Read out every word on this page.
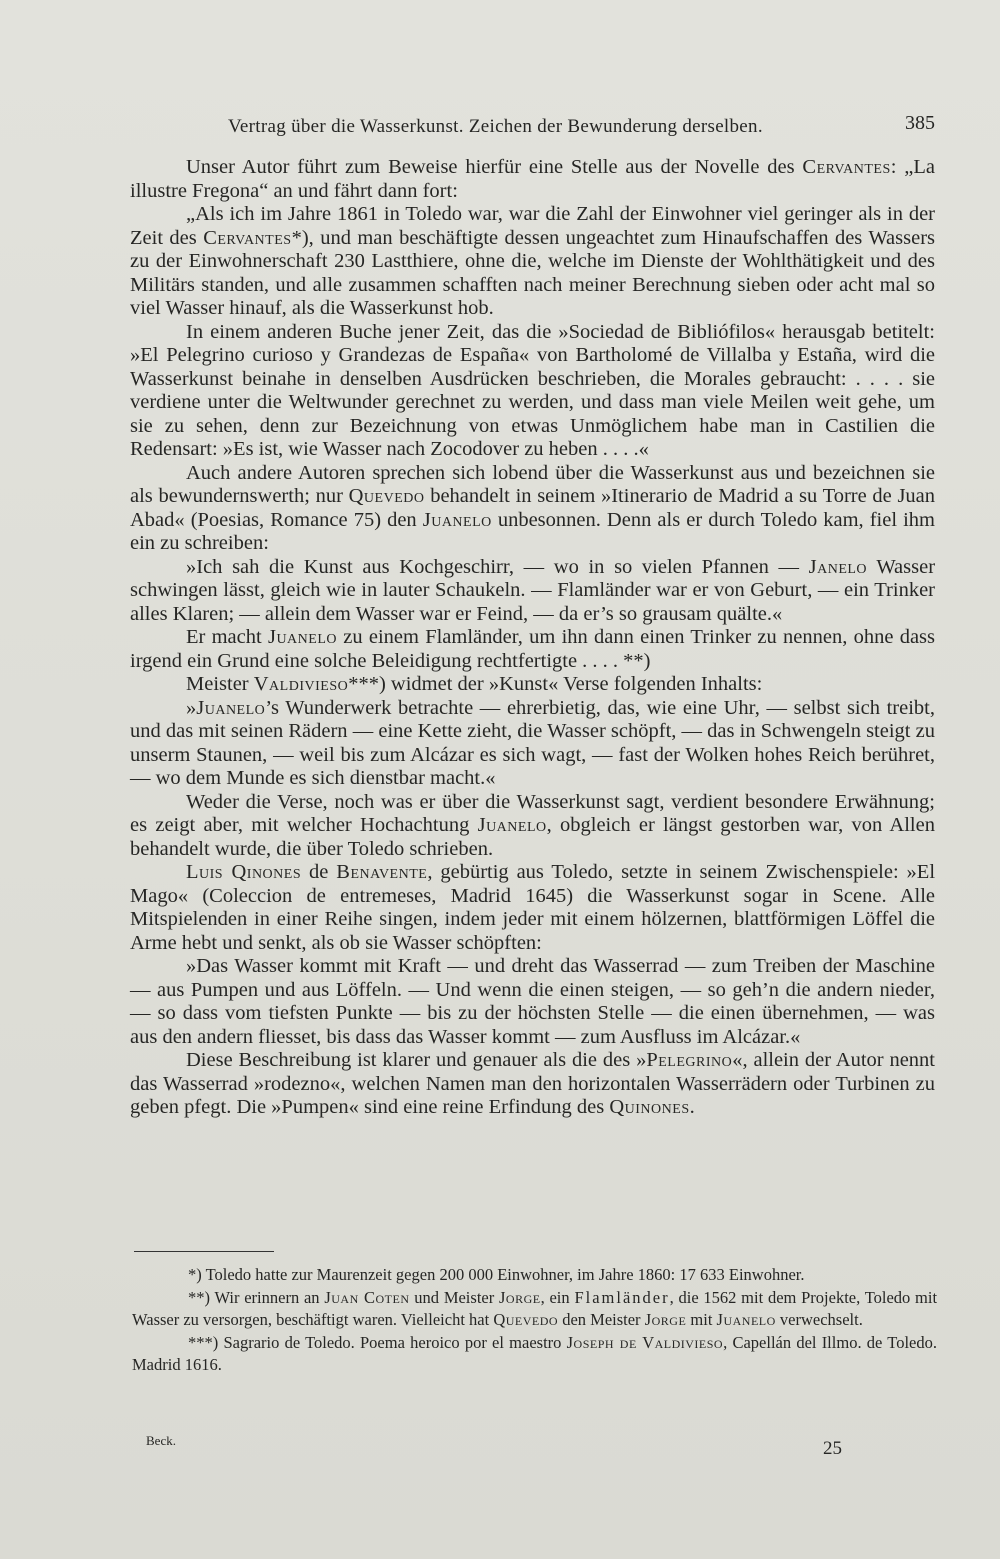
Vertrag über die Wasserkunst. Zeichen der Bewunderung derselben.	385

Unser Autor führt zum Beweise hierfür eine Stelle aus der Novelle des Cervantes: „La illustre Fregona“ an und fährt dann fort:

„Als ich im Jahre 1861 in Toledo war, war die Zahl der Einwohner viel geringer als in der Zeit des Cervantes*), und man beschäftigte dessen ungeachtet zum Hinaufschaffen des Wassers zu der Einwohnerschaft 230 Lastthiere, ohne die, welche im Dienste der Wohlthätigkeit und des Militärs standen, und alle zusammen schafften nach meiner Berechnung sieben oder acht mal so viel Wasser hinauf, als die Wasserkunst hob.

In einem anderen Buche jener Zeit, das die »Sociedad de Bibliófilos« herausgab betitelt: »El Pelegrino curioso y Grandezas de España« von Bartholomé de Villalba y Estaña, wird die Wasserkunst beinahe in denselben Ausdrücken beschrieben, die Morales gebraucht: . . . . sie verdiene unter die Weltwunder gerechnet zu werden, und dass man viele Meilen weit gehe, um sie zu sehen, denn zur Bezeichnung von etwas Unmöglichem habe man in Castilien die Redensart: »Es ist, wie Wasser nach Zocodover zu heben . . . .«

Auch andere Autoren sprechen sich lobend über die Wasserkunst aus und bezeichnen sie als bewundernswerth; nur Quevedo behandelt in seinem »Itinerario de Madrid a su Torre de Juan Abad« (Poesias, Romance 75) den Juanelo unbesonnen. Denn als er durch Toledo kam, fiel ihm ein zu schreiben:

»Ich sah die Kunst aus Kochgeschirr, — wo in so vielen Pfannen — Janelo Wasser schwingen lässt, gleich wie in lauter Schaukeln. — Flamländer war er von Geburt, — ein Trinker alles Klaren; — allein dem Wasser war er Feind, — da er’s so grausam quälte.«

Er macht Juanelo zu einem Flamländer, um ihn dann einen Trinker zu nennen, ohne dass irgend ein Grund eine solche Beleidigung rechtfertigte . . . . **)

Meister Valdivieso***) widmet der »Kunst« Verse folgenden Inhalts:

»Juanelo’s Wunderwerk betrachte — ehrerbietig, das, wie eine Uhr, — selbst sich treibt, und das mit seinen Rädern — eine Kette zieht, die Wasser schöpft, — das in Schwengeln steigt zu unserm Staunen, — weil bis zum Alcázar es sich wagt, — fast der Wolken hohes Reich berühret, — wo dem Munde es sich dienstbar macht.«

Weder die Verse, noch was er über die Wasserkunst sagt, verdient besondere Erwähnung; es zeigt aber, mit welcher Hochachtung Juanelo, obgleich er längst gestorben war, von Allen behandelt wurde, die über Toledo schrieben.

Luis Qinones de Benavente, gebürtig aus Toledo, setzte in seinem Zwischenspiele: »El Mago« (Coleccion de entremeses, Madrid 1645) die Wasserkunst sogar in Scene. Alle Mitspielenden in einer Reihe singen, indem jeder mit einem hölzernen, blattförmigen Löffel die Arme hebt und senkt, als ob sie Wasser schöpften:

»Das Wasser kommt mit Kraft — und dreht das Wasserrad — zum Treiben der Maschine — aus Pumpen und aus Löffeln. — Und wenn die einen steigen, — so geh’n die andern nieder, — so dass vom tiefsten Punkte — bis zu der höchsten Stelle — die einen übernehmen, — was aus den andern fliesset, bis dass das Wasser kommt — zum Ausfluss im Alcázar.«

Diese Beschreibung ist klarer und genauer als die des »Pelegrino«, allein der Autor nennt das Wasserrad »rodezno«, welchen Namen man den horizontalen Wasserrädern oder Turbinen zu geben pfegt. Die »Pumpen« sind eine reine Erfindung des Quinones.

*) Toledo hatte zur Maurenzeit gegen 200 000 Einwohner, im Jahre 1860: 17 633 Einwohner.

**) Wir erinnern an Juan Coten und Meister Jorge, ein Flamländer, die 1562 mit dem Projekte, Toledo mit Wasser zu versorgen, beschäftigt waren. Vielleicht hat Quevedo den Meister Jorge mit Juanelo verwechselt.

***) Sagrario de Toledo. Poema heroico por el maestro Joseph de Valdivieso, Capellán del Illmo. de Toledo. Madrid 1616.

Beck.	25
